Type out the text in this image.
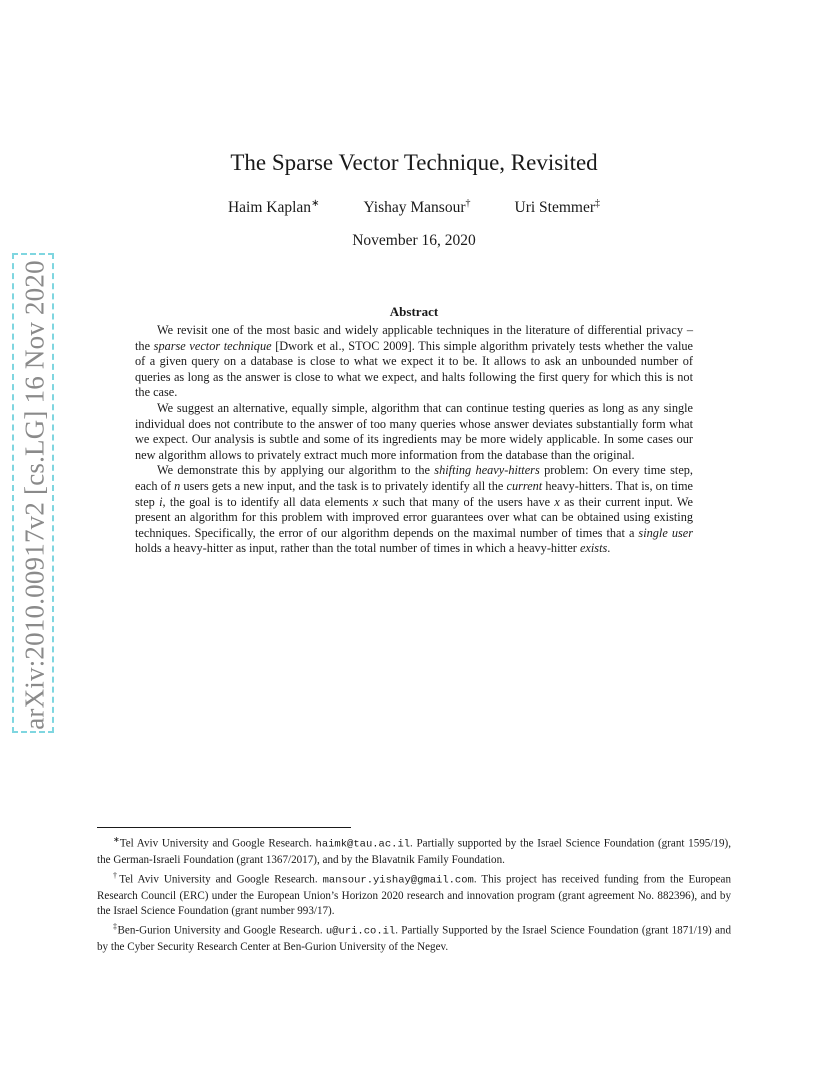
arXiv:2010.00917v2 [cs.LG] 16 Nov 2020
The Sparse Vector Technique, Revisited
Haim Kaplan∗	Yishay Mansour†	Uri Stemmer‡
November 16, 2020
Abstract

We revisit one of the most basic and widely applicable techniques in the literature of differential privacy – the sparse vector technique [Dwork et al., STOC 2009]. This simple algorithm privately tests whether the value of a given query on a database is close to what we expect it to be. It allows to ask an unbounded number of queries as long as the answer is close to what we expect, and halts following the first query for which this is not the case.

We suggest an alternative, equally simple, algorithm that can continue testing queries as long as any single individual does not contribute to the answer of too many queries whose answer deviates substantially form what we expect. Our analysis is subtle and some of its ingredients may be more widely applicable. In some cases our new algorithm allows to privately extract much more information from the database than the original.

We demonstrate this by applying our algorithm to the shifting heavy-hitters problem: On every time step, each of n users gets a new input, and the task is to privately identify all the current heavy-hitters. That is, on time step i, the goal is to identify all data elements x such that many of the users have x as their current input. We present an algorithm for this problem with improved error guarantees over what can be obtained using existing techniques. Specifically, the error of our algorithm depends on the maximal number of times that a single user holds a heavy-hitter as input, rather than the total number of times in which a heavy-hitter exists.

∗Tel Aviv University and Google Research. haimk@tau.ac.il. Partially supported by the Israel Science Foundation (grant 1595/19), the German-Israeli Foundation (grant 1367/2017), and by the Blavatnik Family Foundation.

†Tel Aviv University and Google Research. mansour.yishay@gmail.com. This project has received funding from the European Research Council (ERC) under the European Union’s Horizon 2020 research and innovation program (grant agreement No. 882396), and by the Israel Science Foundation (grant number 993/17).

‡Ben-Gurion University and Google Research. u@uri.co.il. Partially Supported by the Israel Science Foundation (grant 1871/19) and by the Cyber Security Research Center at Ben-Gurion University of the Negev.
